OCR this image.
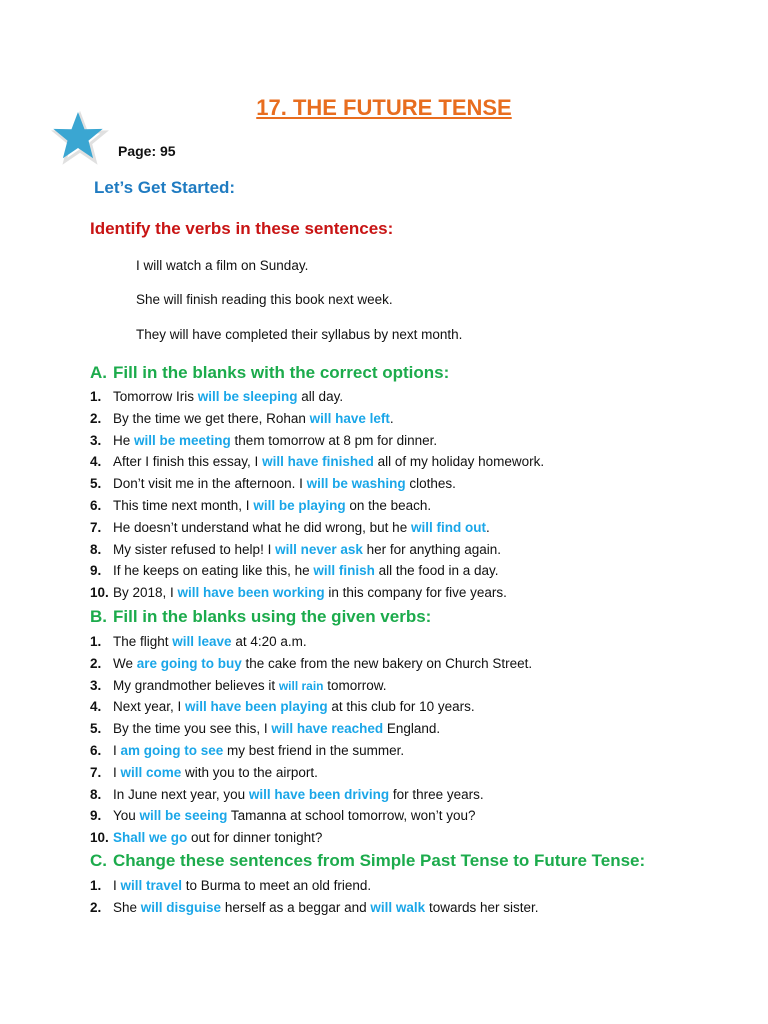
17. THE FUTURE TENSE
Page: 95
Let’s Get Started:
Identify the verbs in these sentences:
I will watch a film on Sunday.
She will finish reading this book next week.
They will have completed their syllabus by next month.
A. Fill in the blanks with the correct options:
1. Tomorrow Iris will be sleeping all day.
2. By the time we get there, Rohan will have left.
3. He will be meeting them tomorrow at 8 pm for dinner.
4. After I finish this essay, I will have finished all of my holiday homework.
5. Don’t visit me in the afternoon. I will be washing clothes.
6. This time next month, I will be playing on the beach.
7. He doesn’t understand what he did wrong, but he will find out.
8. My sister refused to help! I will never ask her for anything again.
9. If he keeps on eating like this, he will finish all the food in a day.
10. By 2018, I will have been working in this company for five years.
B. Fill in the blanks using the given verbs:
1. The flight will leave at 4:20 a.m.
2. We are going to buy the cake from the new bakery on Church Street.
3. My grandmother believes it will rain tomorrow.
4. Next year, I will have been playing at this club for 10 years.
5. By the time you see this, I will have reached England.
6. I am going to see my best friend in the summer.
7. I will come with you to the airport.
8. In June next year, you will have been driving for three years.
9. You will be seeing Tamanna at school tomorrow, won’t you?
10. Shall we go out for dinner tonight?
C. Change these sentences from Simple Past Tense to Future Tense:
1. I will travel to Burma to meet an old friend.
2. She will disguise herself as a beggar and will walk towards her sister.
